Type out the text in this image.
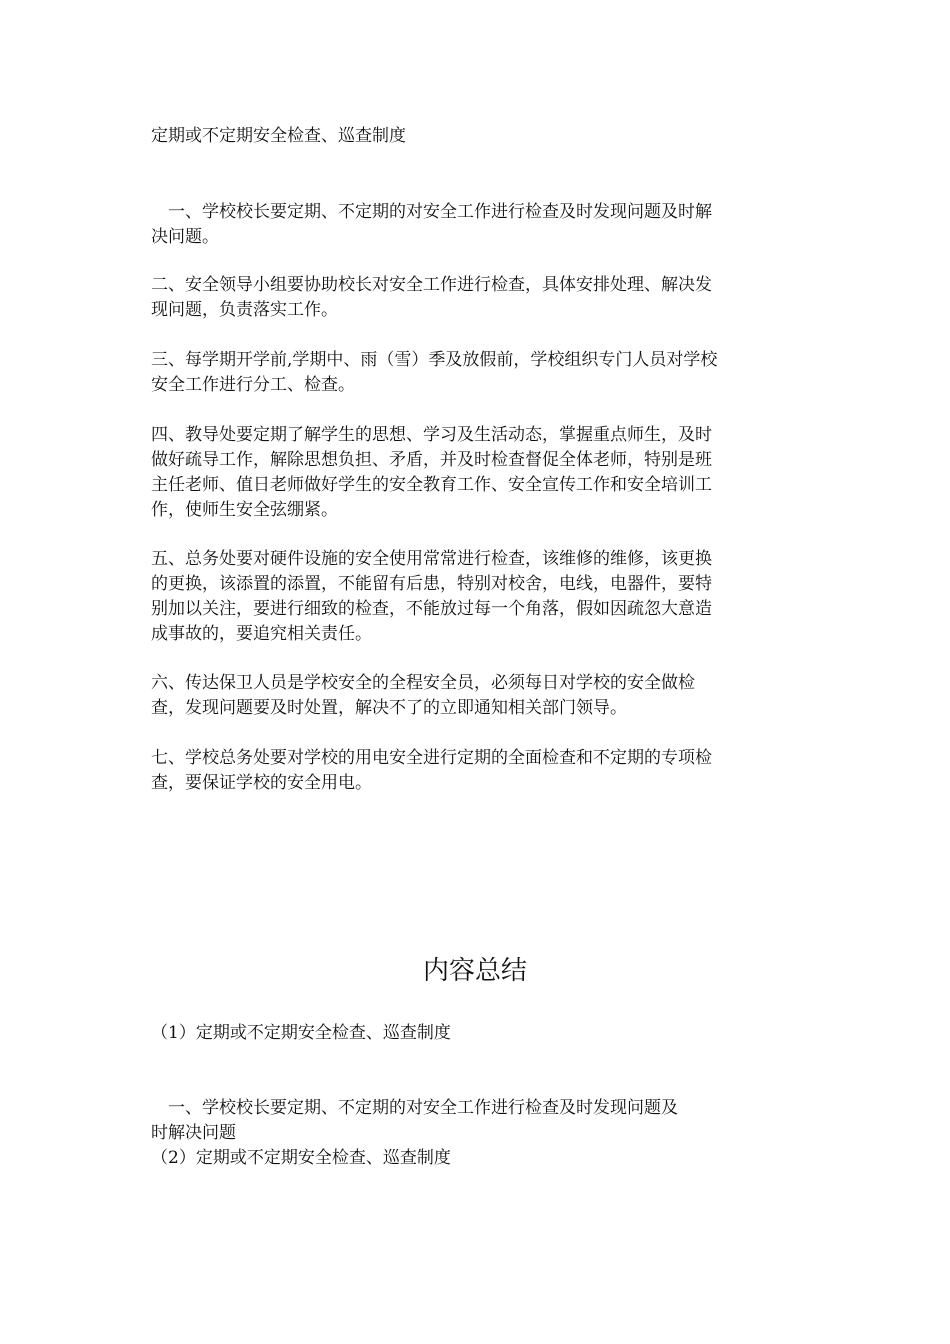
定期或不定期安全检查、巡查制度
　一、学校校长要定期、不定期的对安全工作进行检查及时发现问题及时解
决问题。
二、安全领导小组要协助校长对安全工作进行检查，具体安排处理、解决发
现问题，负责落实工作。
三、每学期开学前,学期中、雨（雪）季及放假前，学校组织专门人员对学校
安全工作进行分工、检查。
四、教导处要定期了解学生的思想、学习及生活动态，掌握重点师生，及时
做好疏导工作，解除思想负担、矛盾，并及时检查督促全体老师，特别是班
主任老师、值日老师做好学生的安全教育工作、安全宣传工作和安全培训工
作，使师生安全弦绷紧。
五、总务处要对硬件设施的安全使用常常进行检查，该维修的维修，该更换
的更换，该添置的添置，不能留有后患，特别对校舍，电线，电器件，要特
别加以关注，要进行细致的检查，不能放过每一个角落，假如因疏忽大意造
成事故的，要追究相关责任。
六、传达保卫人员是学校安全的全程安全员，必须每日对学校的安全做检
查，发现问题要及时处置，解决不了的立即通知相关部门领导。
七、学校总务处要对学校的用电安全进行定期的全面检查和不定期的专项检
查，要保证学校的安全用电。
内容总结
（1）定期或不定期安全检查、巡查制度
　一、学校校长要定期、不定期的对安全工作进行检查及时发现问题及
时解决问题
（2）定期或不定期安全检查、巡查制度
